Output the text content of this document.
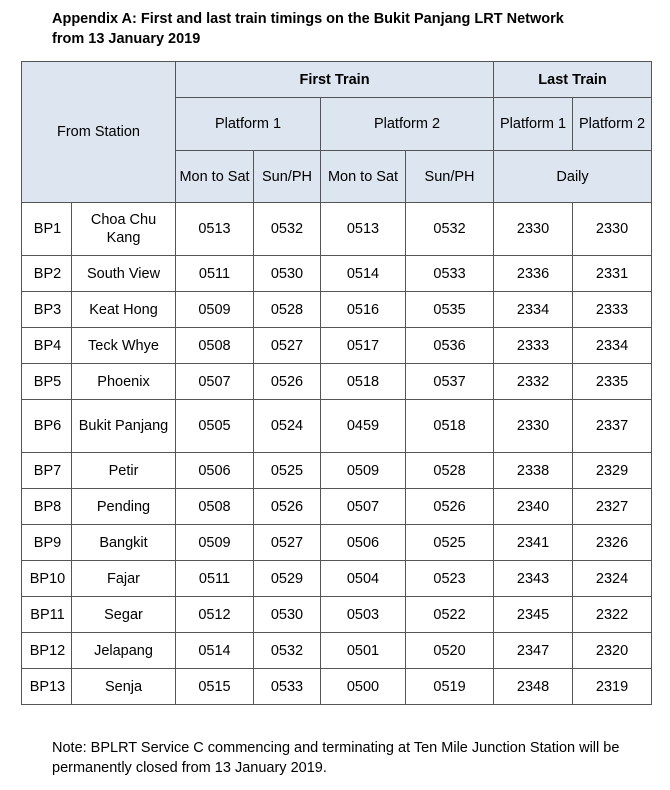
Appendix A: First and last train timings on the Bukit Panjang LRT Network
from 13 January 2019
From Station		First Train				Last Train	
		Platform 1		Platform 2		Platform 1	Platform 2
		Mon to Sat	Sun/PH	Mon to Sat	Sun/PH	Daily	
BP1	Choa Chu Kang	0513	0532	0513	0532	2330	2330
BP2	South View	0511	0530	0514	0533	2336	2331
BP3	Keat Hong	0509	0528	0516	0535	2334	2333
BP4	Teck Whye	0508	0527	0517	0536	2333	2334
BP5	Phoenix	0507	0526	0518	0537	2332	2335
BP6	Bukit Panjang	0505	0524	0459	0518	2330	2337
BP7	Petir	0506	0525	0509	0528	2338	2329
BP8	Pending	0508	0526	0507	0526	2340	2327
BP9	Bangkit	0509	0527	0506	0525	2341	2326
BP10	Fajar	0511	0529	0504	0523	2343	2324
BP11	Segar	0512	0530	0503	0522	2345	2322
BP12	Jelapang	0514	0532	0501	0520	2347	2320
BP13	Senja	0515	0533	0500	0519	2348	2319
Note: BPLRT Service C commencing and terminating at Ten Mile Junction Station will be permanently closed from 13 January 2019.
